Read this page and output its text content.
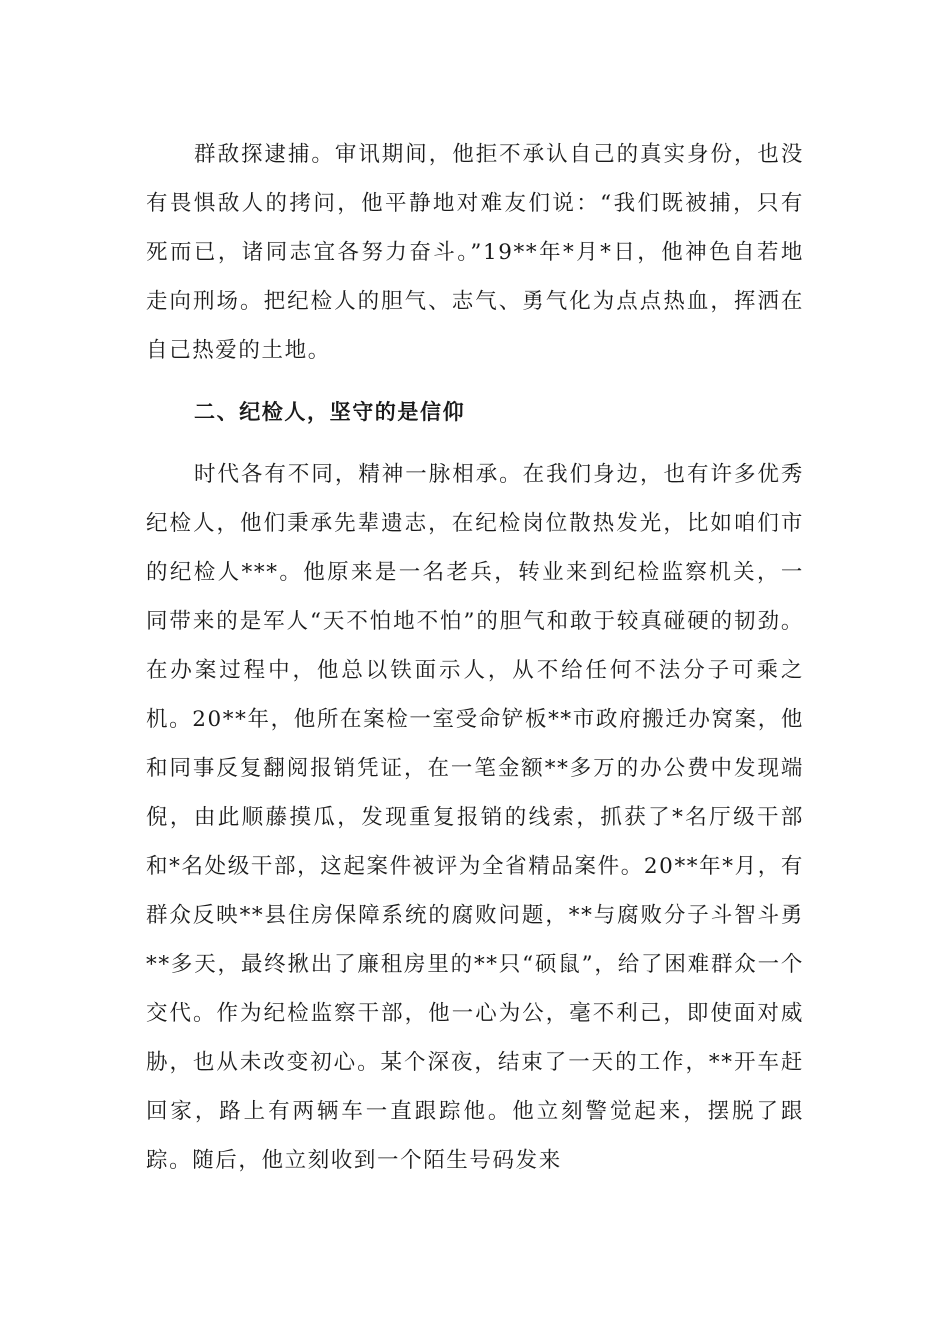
群敌探逮捕。审讯期间，他拒不承认自己的真实身份，也没有畏惧敌人的拷问，他平静地对难友们说：“我们既被捕，只有死而已，诸同志宜各努力奋斗。”19**年*月*日，他神色自若地走向刑场。把纪检人的胆气、志气、勇气化为点点热血，挥洒在自己热爱的土地。

二、纪检人，坚守的是信仰

时代各有不同，精神一脉相承。在我们身边，也有许多优秀纪检人，他们秉承先辈遗志，在纪检岗位散热发光，比如咱们市的纪检人***。他原来是一名老兵，转业来到纪检监察机关，一同带来的是军人“天不怕地不怕”的胆气和敢于较真碰硬的韧劲。在办案过程中，他总以铁面示人，从不给任何不法分子可乘之机。20**年，他所在案检一室受命铲板**市政府搬迁办窝案，他和同事反复翻阅报销凭证，在一笔金额**多万的办公费中发现端倪，由此顺藤摸瓜，发现重复报销的线索，抓获了*名厅级干部和*名处级干部，这起案件被评为全省精品案件。20**年*月，有群众反映**县住房保障系统的腐败问题，**与腐败分子斗智斗勇**多天，最终揪出了廉租房里的**只“硕鼠”，给了困难群众一个交代。作为纪检监察干部，他一心为公，毫不利己，即使面对威胁，也从未改变初心。某个深夜，结束了一天的工作，**开车赶回家，路上有两辆车一直跟踪他。他立刻警觉起来，摆脱了跟踪。随后，他立刻收到一个陌生号码发来
